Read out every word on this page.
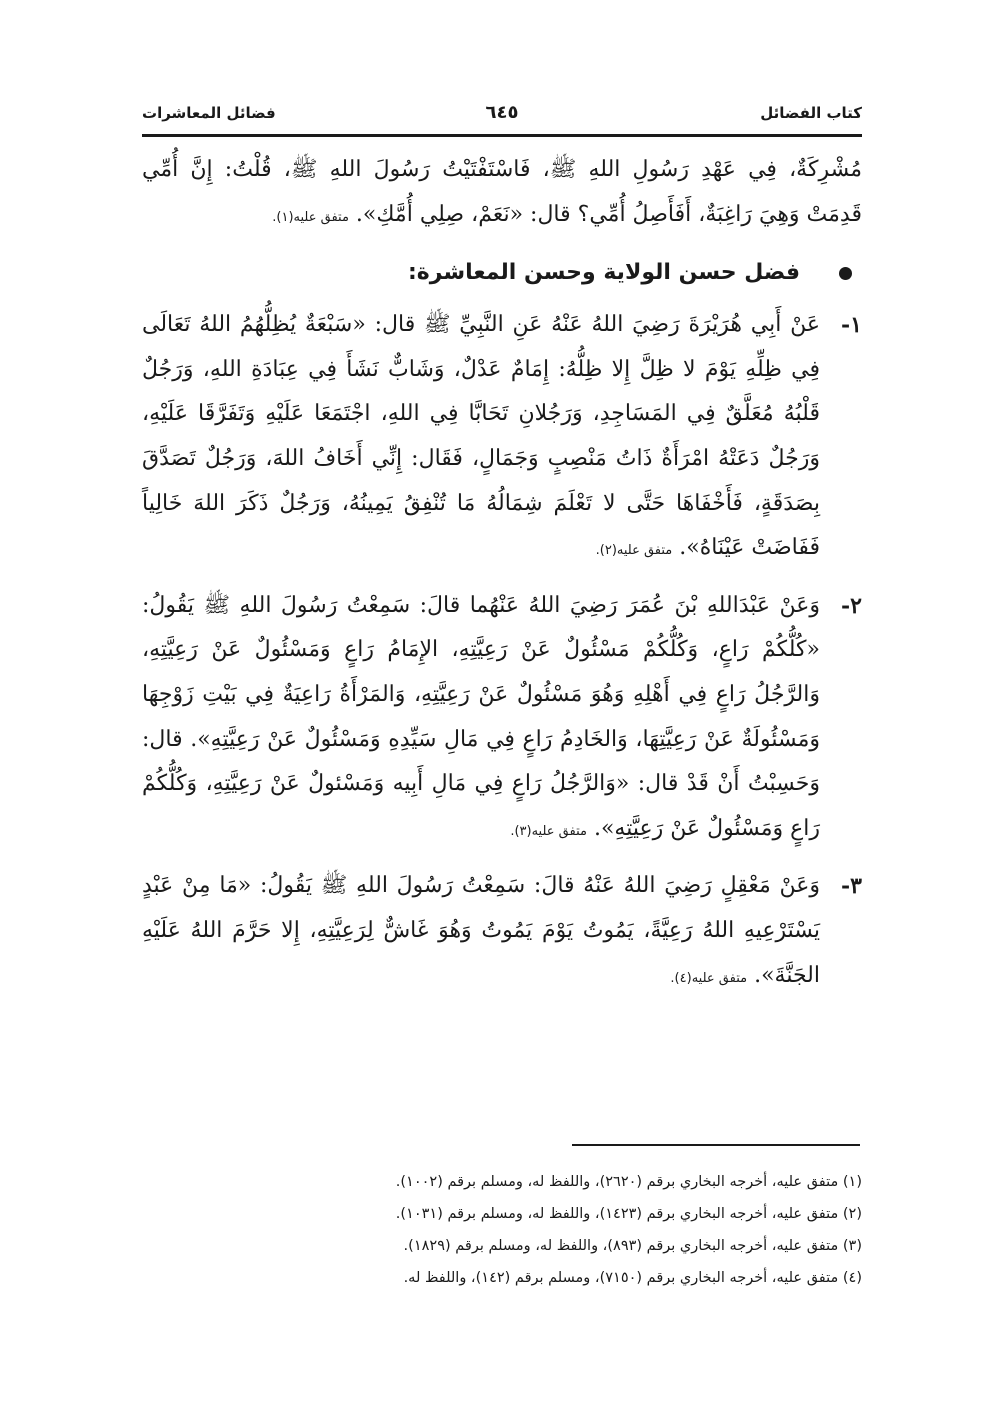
كتاب الفضائل
٦٤٥
فضائل المعاشرات

مُشْرِكَةٌ، فِي عَهْدِ رَسُولِ اللهِ ﷺ، فَاسْتَفْتَيْتُ رَسُولَ اللهِ ﷺ، قُلْتُ: إِنَّ أُمِّي قَدِمَتْ وَهِيَ رَاغِبَةٌ، أَفَأَصِلُ أُمِّي؟ قال: «نَعَمْ، صِلِي أُمَّكِ». متفق عليه(١).

فضل حسن الولاية وحسن المعاشرة:

١-
عَنْ أَبِي هُرَيْرَةَ رَضِيَ اللهُ عَنْهُ عَنِ النَّبِيِّ ﷺ قال: «سَبْعَةٌ يُظِلُّهُمُ اللهُ تَعَالَى فِي ظِلِّهِ يَوْمَ لا ظِلَّ إِلا ظِلُّهُ: إِمَامٌ عَدْلٌ، وَشَابٌّ نَشَأَ فِي عِبَادَةِ اللهِ، وَرَجُلٌ قَلْبُهُ مُعَلَّقٌ فِي المَسَاجِدِ، وَرَجُلانِ تَحَابَّا فِي اللهِ، اجْتَمَعَا عَلَيْهِ وَتَفَرَّقَا عَلَيْهِ، وَرَجُلٌ دَعَتْهُ امْرَأَةٌ ذَاتُ مَنْصِبٍ وَجَمَالٍ، فَقَال: إِنِّي أَخَافُ اللهَ، وَرَجُلٌ تَصَدَّقَ بِصَدَقَةٍ، فَأَخْفَاهَا حَتَّى لا تَعْلَمَ شِمَالُهُ مَا تُنْفِقُ يَمِينُهُ، وَرَجُلٌ ذَكَرَ اللهَ خَالِياً فَفَاضَتْ عَيْنَاهُ». متفق عليه(٢).

٢-
وَعَنْ عَبْدَاللهِ بْنَ عُمَرَ رَضِيَ اللهُ عَنْهُما قالَ: سَمِعْتُ رَسُولَ اللهِ ﷺ يَقُولُ: «كُلُّكُمْ رَاعٍ، وَكُلُّكُمْ مَسْئُولٌ عَنْ رَعِيَّتِهِ، الإِمَامُ رَاعٍ وَمَسْئُولٌ عَنْ رَعِيَّتِهِ، وَالرَّجُلُ رَاعٍ فِي أَهْلِهِ وَهُوَ مَسْئُولٌ عَنْ رَعِيَّتِهِ، وَالمَرْأَةُ رَاعِيَةٌ فِي بَيْتِ زَوْجِهَا وَمَسْئُولَةٌ عَنْ رَعِيَّتِهَا، وَالخَادِمُ رَاعٍ فِي مَالِ سَيِّدِهِ وَمَسْئُولٌ عَنْ رَعِيَّتِهِ». قال: وَحَسِبْتُ أَنْ قَدْ قال: «وَالرَّجُلُ رَاعٍ فِي مَالِ أَبِيه وَمَسْئولٌ عَنْ رَعِيَّتِهِ، وَكُلُّكُمْ رَاعٍ وَمَسْئُولٌ عَنْ رَعِيَّتِهِ». متفق عليه(٣).

٣-
وَعَنْ مَعْقِلٍ رَضِيَ اللهُ عَنْهُ قالَ: سَمِعْتُ رَسُولَ اللهِ ﷺ يَقُولُ: «مَا مِنْ عَبْدٍ يَسْتَرْعِيهِ اللهُ رَعِيَّةً، يَمُوتُ يَوْمَ يَمُوتُ وَهُوَ غَاشٌّ لِرَعِيَّتِهِ، إِلا حَرَّمَ اللهُ عَلَيْهِ الجَنَّةَ». متفق عليه(٤).

(١) متفق عليه، أخرجه البخاري برقم (٢٦٢٠)، واللفظ له، ومسلم برقم (١٠٠٢).

(٢) متفق عليه، أخرجه البخاري برقم (١٤٢٣)، واللفظ له، ومسلم برقم (١٠٣١).

(٣) متفق عليه، أخرجه البخاري برقم (٨٩٣)، واللفظ له، ومسلم برقم (١٨٢٩).

(٤) متفق عليه، أخرجه البخاري برقم (٧١٥٠)، ومسلم برقم (١٤٢)، واللفظ له.
